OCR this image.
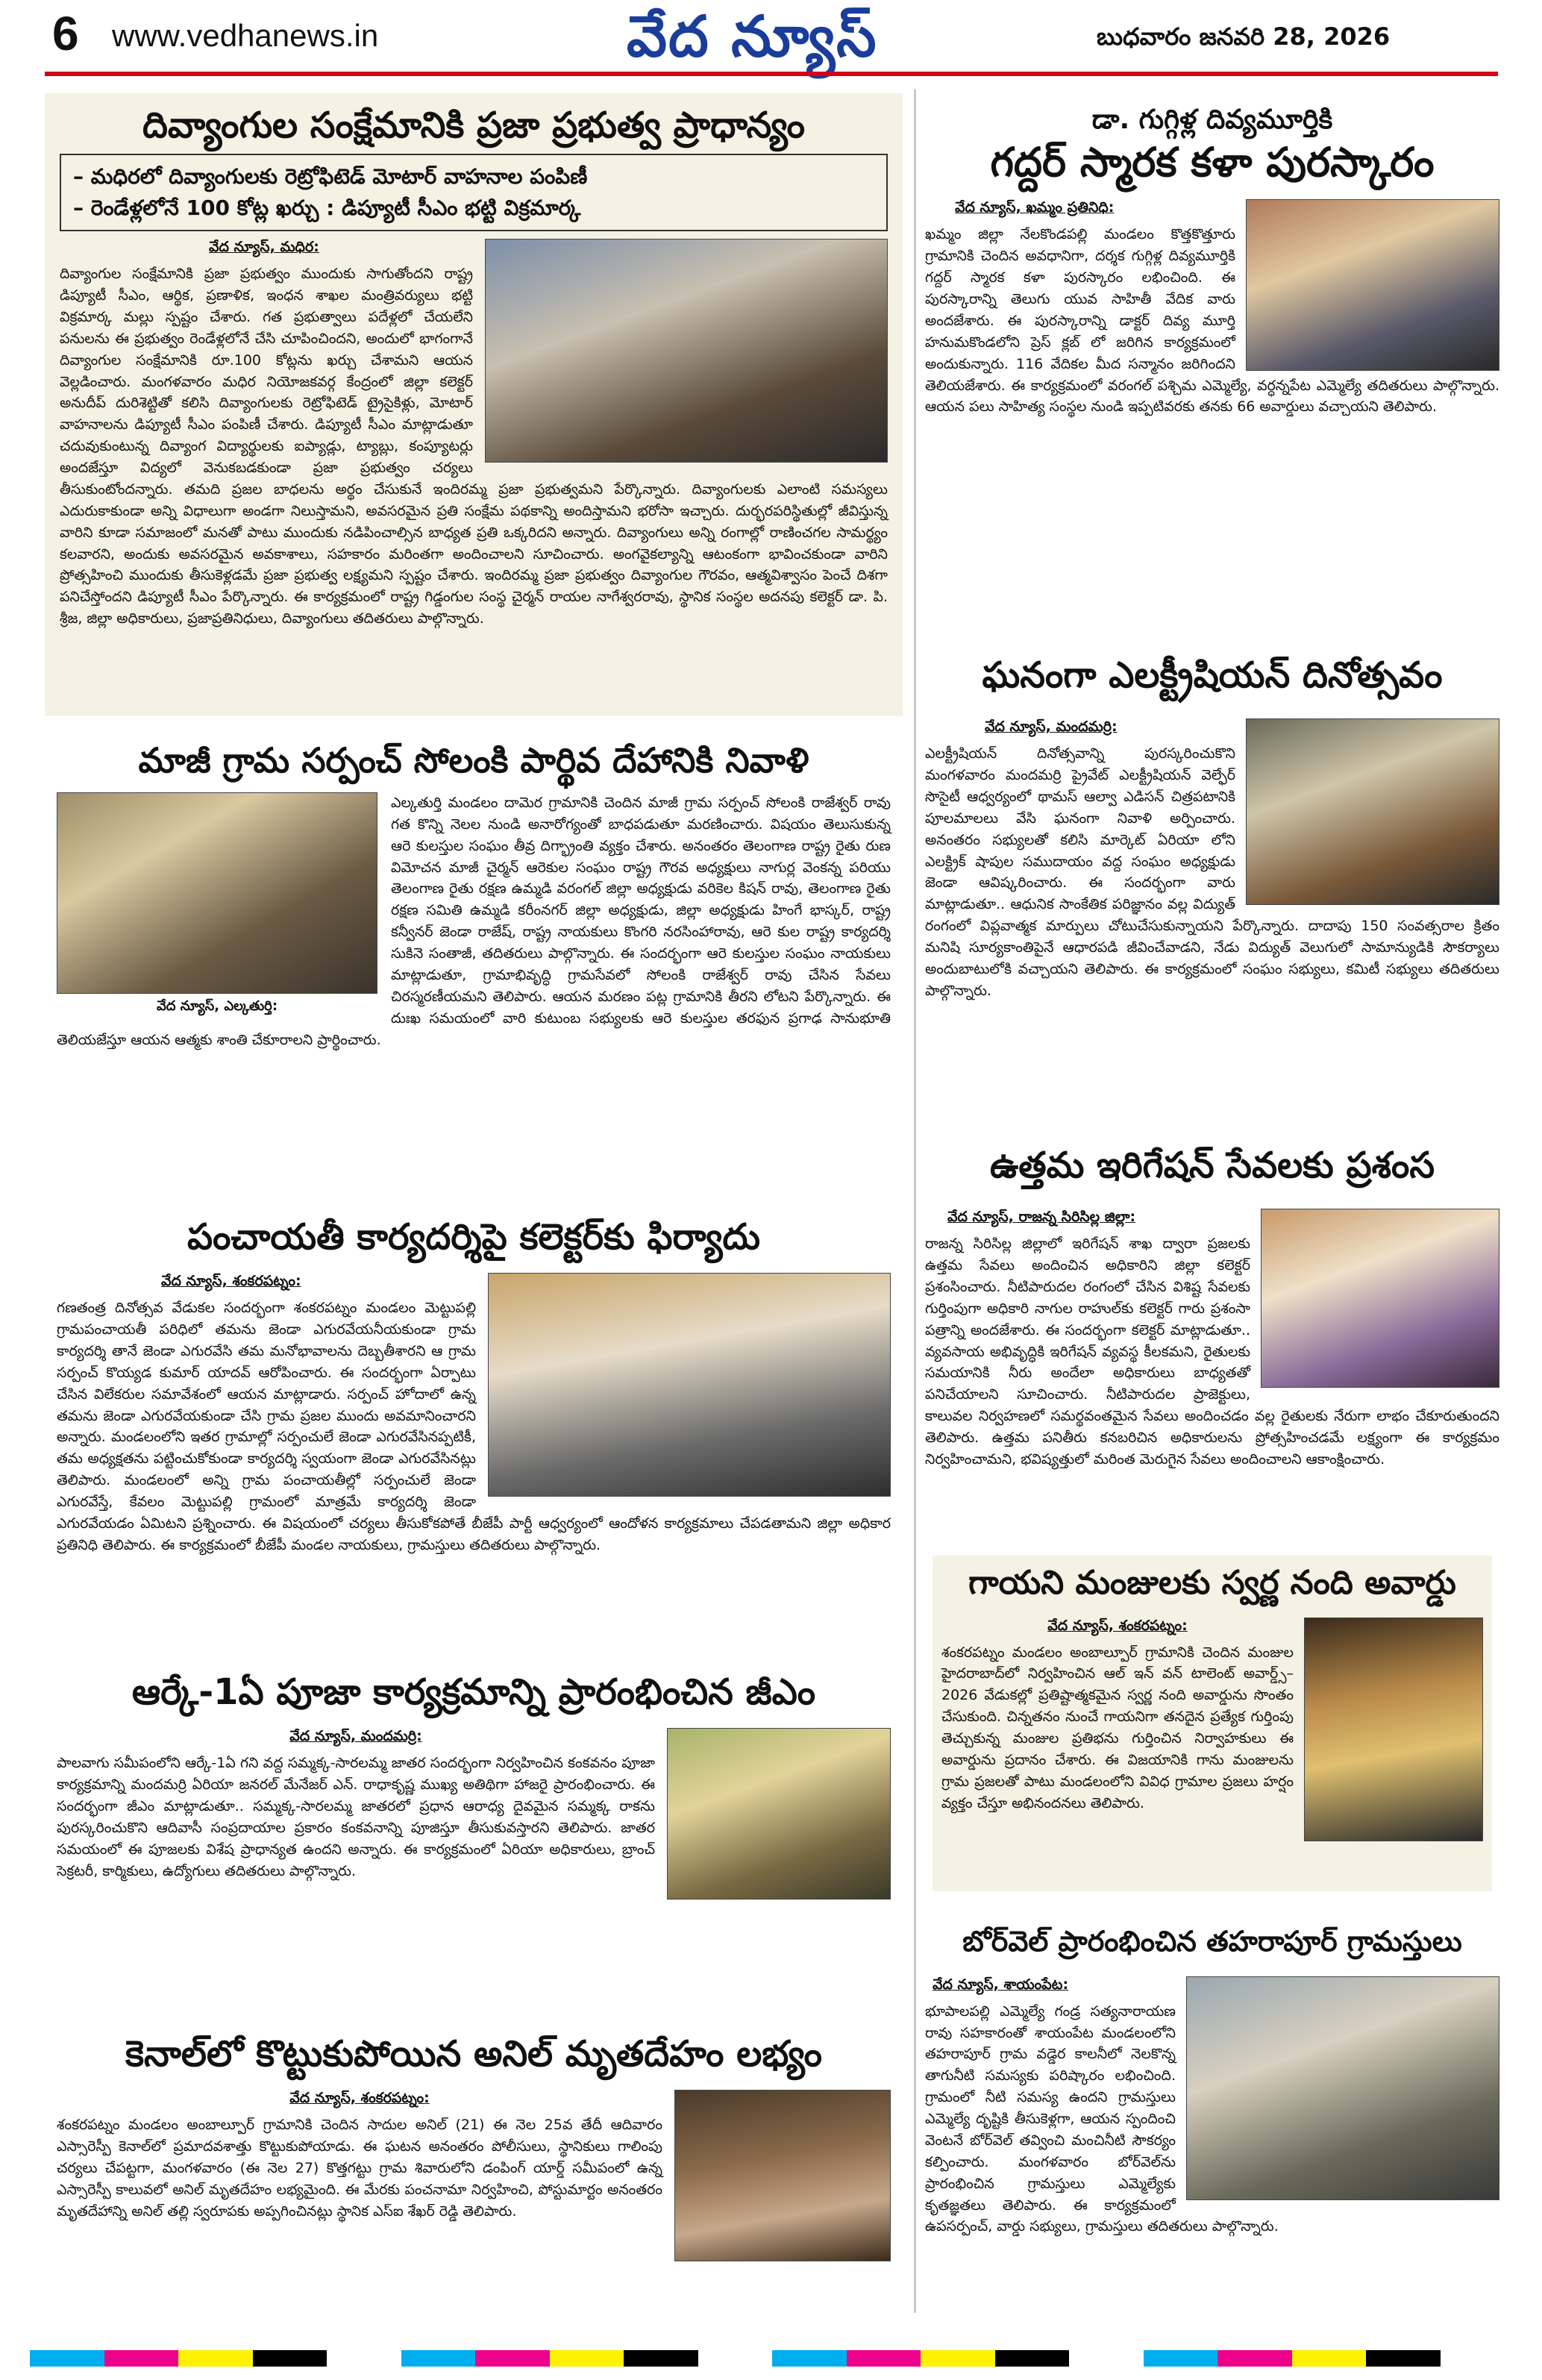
6 www.vedhanews.in	వేద న్యూస్	బుధవారం జనవరి 28, 2026
దివ్యాంగుల సంక్షేమానికి ప్రజా ప్రభుత్వ ప్రాధాన్యం
– మధిరలో దివ్యాంగులకు రెట్రోఫిటెడ్ మోటార్ వాహనాల పంపిణీ
– రెండేళ్లలోనే 100 కోట్ల ఖర్చు : డిప్యూటీ సీఎం భట్టి విక్రమార్క
వేద న్యూస్, మధిర:
దివ్యాంగుల సంక్షేమానికి ప్రజా ప్రభుత్వం ముందుకు సాగుతోందని రాష్ట్ర డిప్యూటీ సీఎం, ఆర్థిక, ప్రణాళిక, ఇంధన శాఖల మంత్రివర్యులు భట్టి విక్రమార్క మల్లు స్పష్టం చేశారు. గత ప్రభుత్వాలు పదేళ్లలో చేయలేని పనులను ఈ ప్రభుత్వం రెండేళ్లలోనే చేసి చూపించిందని, అందులో భాగంగానే దివ్యాంగుల సంక్షేమానికి రూ.100 కోట్లను ఖర్చు చేశామని ఆయన వెల్లడించారు. మంగళవారం మధిర నియోజకవర్గ కేంద్రంలో జిల్లా కలెక్టర్ అనుదీప్ దురిశెట్టితో కలిసి దివ్యాంగులకు రెట్రోఫిటెడ్ ట్రైసైకిళ్లు, మోటార్ వాహనాలను డిప్యూటీ సీఎం పంపిణీ చేశారు. డిప్యూటీ సీఎం మాట్లాడుతూ చదువుకుంటున్న దివ్యాంగ విద్యార్థులకు ఐప్యాడ్లు, ట్యాబ్లు, కంప్యూటర్లు అందజేస్తూ విద్యలో వెనుకబడకుండా ప్రజా ప్రభుత్వం చర్యలు తీసుకుంటోందన్నారు. తమది ప్రజల బాధలను అర్థం చేసుకునే ఇందిరమ్మ ప్రజా ప్రభుత్వమని పేర్కొన్నారు. దివ్యాంగులకు ఎలాంటి సమస్యలు ఎదురుకాకుండా అన్ని విధాలుగా అండగా నిలుస్తామని, అవసరమైన ప్రతి సంక్షేమ పథకాన్ని అందిస్తామని భరోసా ఇచ్చారు. దుర్భరపరిస్థితుల్లో జీవిస్తున్న వారిని కూడా సమాజంలో మనతో పాటు ముందుకు నడిపించాల్సిన బాధ్యత ప్రతి ఒక్కరిదని అన్నారు. దివ్యాంగులు అన్ని రంగాల్లో రాణించగల సామర్థ్యం కలవారని, అందుకు అవసరమైన అవకాశాలు, సహకారం మరింతగా అందించాలని సూచించారు. అంగవైకల్యాన్ని ఆటంకంగా భావించకుండా వారిని ప్రోత్సహించి ముందుకు తీసుకెళ్లడమే ప్రజా ప్రభుత్వ లక్ష్యమని స్పష్టం చేశారు. ఇందిరమ్మ ప్రజా ప్రభుత్వం దివ్యాంగుల గౌరవం, ఆత్మవిశ్వాసం పెంచే దిశగా పనిచేస్తోందని డిప్యూటీ సీఎం పేర్కొన్నారు. ఈ కార్యక్రమంలో రాష్ట్ర గిడ్డంగుల సంస్థ చైర్మన్ రాయల నాగేశ్వరరావు, స్థానిక సంస్థల అదనపు కలెక్టర్ డా. పి. శ్రీజ, జిల్లా అధికారులు, ప్రజాప్రతినిధులు, దివ్యాంగులు తదితరులు పాల్గొన్నారు.
మాజీ గ్రామ సర్పంచ్ సోలంకి పార్థివ దేహానికి నివాళి
వేద న్యూస్, ఎల్కతుర్తి:
ఎల్కతుర్తి మండలం దామెర గ్రామానికి చెందిన మాజీ గ్రామ సర్పంచ్ సోలంకి రాజేశ్వర్ రావు గత కొన్ని నెలల నుండి అనారోగ్యంతో బాధపడుతూ మరణించారు. విషయం తెలుసుకున్న ఆరె కులస్తుల సంఘం తీవ్ర దిగ్భ్రాంతి వ్యక్తం చేశారు. అనంతరం తెలంగాణ రాష్ట్ర రైతు రుణ విమోచన మాజీ చైర్మన్ ఆరెకుల సంఘం రాష్ట్ర గౌరవ అధ్యక్షులు నాగుర్ల వెంకన్న పరియు తెలంగాణ రైతు రక్షణ ఉమ్మడి వరంగల్ జిల్లా అధ్యక్షుడు వరికెల కిషన్ రావు, తెలంగాణ రైతు రక్షణ సమితి ఉమ్మడి కరీంనగర్ జిల్లా అధ్యక్షుడు, జిల్లా అధ్యక్షుడు హింగే భాస్కర్, రాష్ట్ర కన్వీనర్ జెండా రాజేష్, రాష్ట్ర నాయకులు కొంగరి నరసింహారావు, ఆరె కుల రాష్ట్ర కార్యదర్శి సుకినె సంతాజీ, తదితరులు పాల్గొన్నారు. ఈ సందర్భంగా ఆరె కులస్తుల సంఘం నాయకులు మాట్లాడుతూ, గ్రామాభివృద్ధి గ్రామసేవలో సోలంకి రాజేశ్వర్ రావు చేసిన సేవలు చిరస్మరణీయమని తెలిపారు. ఆయన మరణం పట్ల గ్రామానికి తీరని లోటని పేర్కొన్నారు. ఈ దుఃఖ సమయంలో వారి కుటుంబ సభ్యులకు ఆరె కులస్తుల తరఫున ప్రగాఢ సానుభూతి తెలియజేస్తూ ఆయన ఆత్మకు శాంతి చేకూరాలని ప్రార్థించారు.
పంచాయతీ కార్యదర్శిపై కలెక్టర్‌కు ఫిర్యాదు
వేద న్యూస్, శంకరపట్నం:
గణతంత్ర దినోత్సవ వేడుకల సందర్భంగా శంకరపట్నం మండలం మెట్టుపల్లి గ్రామపంచాయతీ పరిధిలో తమను జెండా ఎగురవేయనీయకుండా గ్రామ కార్యదర్శి తానే జెండా ఎగురవేసి తమ మనోభావాలను దెబ్బతీశారని ఆ గ్రామ సర్పంచ్ కొయ్యడ కుమార్ యాదవ్ ఆరోపించారు. ఈ సందర్భంగా ఏర్పాటు చేసిన విలేకరుల సమావేశంలో ఆయన మాట్లాడారు. సర్పంచ్ హోదాలో ఉన్న తమను జెండా ఎగురవేయకుండా చేసి గ్రామ ప్రజల ముందు అవమానించారని అన్నారు. మండలంలోని ఇతర గ్రామాల్లో సర్పంచులే జెండా ఎగురవేసినప్పటికీ, తమ అధ్యక్షతను పట్టించుకోకుండా కార్యదర్శి స్వయంగా జెండా ఎగురవేసినట్లు తెలిపారు. మండలంలో అన్ని గ్రామ పంచాయతీల్లో సర్పంచులే జెండా ఎగురవేస్తే, కేవలం మెట్టుపల్లి గ్రామంలో మాత్రమే కార్యదర్శి జెండా ఎగురవేయడం ఏమిటని ప్రశ్నించారు. ఈ విషయంలో చర్యలు తీసుకోకపోతే బీజేపీ పార్టీ ఆధ్వర్యంలో ఆందోళన కార్యక్రమాలు చేపడతామని జిల్లా అధికార ప్రతినిధి తెలిపారు. ఈ కార్యక్రమంలో బీజేపీ మండల నాయకులు, గ్రామస్తులు తదితరులు పాల్గొన్నారు.
ఆర్కే-1ఏ పూజా కార్యక్రమాన్ని ప్రారంభించిన జీఎం
వేద న్యూస్, మందమర్రి:
పాలవాగు సమీపంలోని ఆర్కే-1ఏ గని వద్ద సమ్మక్క-సారలమ్మ జాతర సందర్భంగా నిర్వహించిన కంకవనం పూజా కార్యక్రమాన్ని మందమర్రి ఏరియా జనరల్ మేనేజర్ ఎన్. రాధాకృష్ణ ముఖ్య అతిథిగా హాజరై ప్రారంభించారు. ఈ సందర్భంగా జీఎం మాట్లాడుతూ.. సమ్మక్క-సారలమ్మ జాతరలో ప్రధాన ఆరాధ్య దైవమైన సమ్మక్క రాకను పురస్కరించుకొని ఆదివాసీ సంప్రదాయాల ప్రకారం కంకవనాన్ని పూజిస్తూ తీసుకువస్తారని తెలిపారు. జాతర సమయంలో ఈ పూజలకు విశేష ప్రాధాన్యత ఉందని అన్నారు. ఈ కార్యక్రమంలో ఏరియా అధికారులు, బ్రాంచ్ సెక్రటరీ, కార్మికులు, ఉద్యోగులు తదితరులు పాల్గొన్నారు.
కెనాల్‌లో కొట్టుకుపోయిన అనిల్ మృతదేహం లభ్యం
వేద న్యూస్, శంకరపట్నం:
శంకరపట్నం మండలం అంబాల్పూర్ గ్రామానికి చెందిన సాదుల అనిల్ (21) ఈ నెల 25వ తేదీ ఆదివారం ఎస్సారెస్పీ కెనాల్‌లో ప్రమాదవశాత్తు కొట్టుకుపోయాడు. ఈ ఘటన అనంతరం పోలీసులు, స్థానికులు గాలింపు చర్యలు చేపట్టగా, మంగళవారం (ఈ నెల 27) కొత్తగట్టు గ్రామ శివారులోని డంపింగ్ యార్డ్ సమీపంలో ఉన్న ఎస్సారెస్పీ కాలువలో అనిల్ మృతదేహం లభ్యమైంది. ఈ మేరకు పంచనామా నిర్వహించి, పోస్టుమార్టం అనంతరం మృతదేహాన్ని అనిల్ తల్లి స్వరూపకు అప్పగించినట్లు స్థానిక ఎస్ఐ శేఖర్ రెడ్డి తెలిపారు.
డా. గుగ్గిళ్ల దివ్యమూర్తికి
గద్దర్ స్మారక కళా పురస్కారం
వేద న్యూస్, ఖమ్మం ప్రతినిధి:
ఖమ్మం జిల్లా నేలకొండపల్లి మండలం కొత్తకొత్తూరు గ్రామానికి చెందిన అవధానిగా, దర్శక గుగ్గిళ్ల దివ్యమూర్తికి గద్దర్ స్మారక కళా పురస్కారం లభించింది. ఈ పురస్కారాన్ని తెలుగు యువ సాహితీ వేదిక వారు అందజేశారు. ఈ పురస్కారాన్ని డాక్టర్ దివ్య మూర్తి హనుమకొండలోని ప్రెస్ క్లబ్ లో జరిగిన కార్యక్రమంలో అందుకున్నారు. 116 వేదికల మీద సన్మానం జరిగిందని తెలియజేశారు. ఈ కార్యక్రమంలో వరంగల్ పశ్చిమ ఎమ్మెల్యే, వర్ధన్నపేట ఎమ్మెల్యే తదితరులు పాల్గొన్నారు. ఆయన పలు సాహిత్య సంస్థల నుండి ఇప్పటివరకు తనకు 66 అవార్డులు వచ్చాయని తెలిపారు.
ఘనంగా ఎలక్ట్రీషియన్ దినోత్సవం
వేద న్యూస్, మందమర్రి:
ఎలక్ట్రీషియన్ దినోత్సవాన్ని పురస్కరించుకొని మంగళవారం మందమర్రి ప్రైవేట్ ఎలక్ట్రీషియన్ వెల్ఫేర్ సొసైటీ ఆధ్వర్యంలో థామస్ ఆల్వా ఎడిసన్ చిత్రపటానికి పూలమాలలు వేసి ఘనంగా నివాళి అర్పించారు. అనంతరం సభ్యులతో కలిసి మార్కెట్ ఏరియా లోని ఎలక్ట్రిక్ షాపుల సముదాయం వద్ద సంఘం అధ్యక్షుడు జెండా ఆవిష్కరించారు. ఈ సందర్భంగా వారు మాట్లాడుతూ.. ఆధునిక సాంకేతిక పరిజ్ఞానం వల్ల విద్యుత్ రంగంలో విప్లవాత్మక మార్పులు చోటుచేసుకున్నాయని పేర్కొన్నారు. దాదాపు 150 సంవత్సరాల క్రితం మనిషి సూర్యకాంతిపైనే ఆధారపడి జీవించేవాడని, నేడు విద్యుత్ వెలుగులో సామాన్యుడికి సౌకర్యాలు అందుబాటులోకి వచ్చాయని తెలిపారు. ఈ కార్యక్రమంలో సంఘం సభ్యులు, కమిటీ సభ్యులు తదితరులు పాల్గొన్నారు.
ఉత్తమ ఇరిగేషన్ సేవలకు ప్రశంస
వేద న్యూస్, రాజన్న సిరిసిల్ల జిల్లా:
రాజన్న సిరిసిల్ల జిల్లాలో ఇరిగేషన్ శాఖ ద్వారా ప్రజలకు ఉత్తమ సేవలు అందించిన అధికారిని జిల్లా కలెక్టర్ ప్రశంసించారు. నీటిపారుదల రంగంలో చేసిన విశిష్ట సేవలకు గుర్తింపుగా అధికారి నాగుల రాహుల్‌కు కలెక్టర్ గారు ప్రశంసా పత్రాన్ని అందజేశారు. ఈ సందర్భంగా కలెక్టర్ మాట్లాడుతూ.. వ్యవసాయ అభివృద్ధికి ఇరిగేషన్ వ్యవస్థ కీలకమని, రైతులకు సమయానికి నీరు అందేలా అధికారులు బాధ్యతతో పనిచేయాలని సూచించారు. నీటిపారుదల ప్రాజెక్టులు, కాలువల నిర్వహణలో సమర్థవంతమైన సేవలు అందించడం వల్ల రైతులకు నేరుగా లాభం చేకూరుతుందని తెలిపారు. ఉత్తమ పనితీరు కనబరిచిన అధికారులను ప్రోత్సహించడమే లక్ష్యంగా ఈ కార్యక్రమం నిర్వహించామని, భవిష్యత్తులో మరింత మెరుగైన సేవలు అందించాలని ఆకాంక్షించారు.
గాయని మంజులకు స్వర్ణ నంది అవార్డు
వేద న్యూస్, శంకరపట్నం:
శంకరపట్నం మండలం అంబాల్పూర్ గ్రామానికి చెందిన మంజుల హైదరాబాద్‌లో నిర్వహించిన ఆల్ ఇన్ వన్ టాలెంట్ అవార్డ్స్–2026 వేడుకల్లో ప్రతిష్టాత్మకమైన స్వర్ణ నంది అవార్డును సొంతం చేసుకుంది. చిన్నతనం నుంచే గాయనిగా తనదైన ప్రత్యేక గుర్తింపు తెచ్చుకున్న మంజుల ప్రతిభను గుర్తించిన నిర్వాహకులు ఈ అవార్డును ప్రదానం చేశారు. ఈ విజయానికి గాను మంజులను గ్రామ ప్రజలతో పాటు మండలంలోని వివిధ గ్రామాల ప్రజలు హర్షం వ్యక్తం చేస్తూ అభినందనలు తెలిపారు.
బోర్‌వెల్ ప్రారంభించిన తహరాపూర్ గ్రామస్తులు
వేద న్యూస్, శాయంపేట:
భూపాలపల్లి ఎమ్మెల్యే గండ్ర సత్యనారాయణ రావు సహకారంతో శాయంపేట మండలంలోని తహరాపూర్ గ్రామ వడ్డెర కాలనీలో నెలకొన్న తాగునీటి సమస్యకు పరిష్కారం లభించింది. గ్రామంలో నీటి సమస్య ఉందని గ్రామస్తులు ఎమ్మెల్యే దృష్టికి తీసుకెళ్లగా, ఆయన స్పందించి వెంటనే బోర్‌వెల్ తవ్వించి మంచినీటి సౌకర్యం కల్పించారు. మంగళవారం బోర్‌వెల్‌ను ప్రారంభించిన గ్రామస్తులు ఎమ్మెల్యేకు కృతజ్ఞతలు తెలిపారు. ఈ కార్యక్రమంలో ఉపసర్పంచ్, వార్డు సభ్యులు, గ్రామస్తులు తదితరులు పాల్గొన్నారు.
